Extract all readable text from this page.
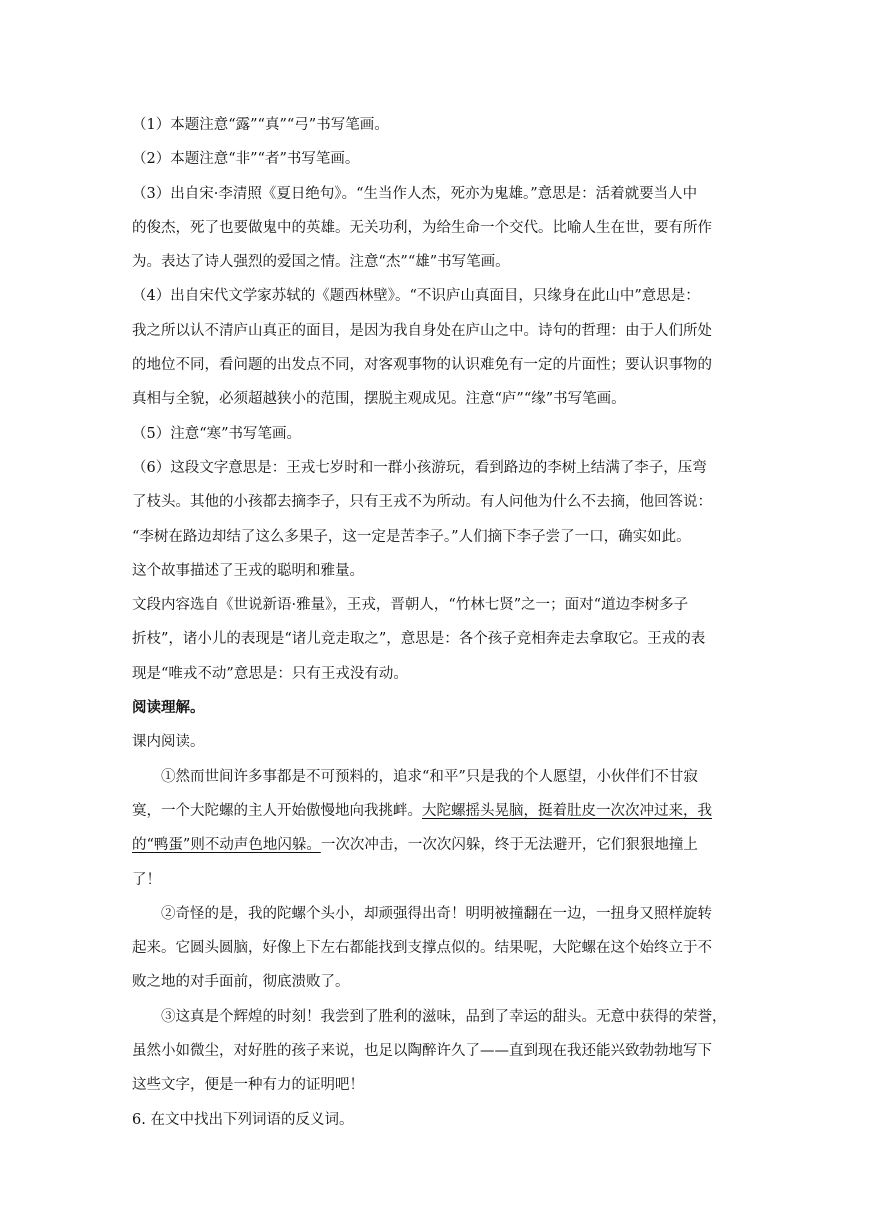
（1）本题注意“露”“真”“弓”书写笔画。

（2）本题注意“非”“者”书写笔画。

（3）出自宋·李清照《夏日绝句》。“生当作人杰，死亦为鬼雄。”意思是：活着就要当人中

的俊杰，死了也要做鬼中的英雄。无关功利，为给生命一个交代。比喻人生在世，要有所作

为。表达了诗人强烈的爱国之情。注意“杰”“雄”书写笔画。

（4）出自宋代文学家苏轼的《题西林壁》。“不识庐山真面目，只缘身在此山中”意思是：

我之所以认不清庐山真正的面目，是因为我自身处在庐山之中。诗句的哲理：由于人们所处

的地位不同，看问题的出发点不同，对客观事物的认识难免有一定的片面性；要认识事物的

真相与全貌，必须超越狭小的范围，摆脱主观成见。注意“庐”“缘”书写笔画。

（5）注意“寒”书写笔画。

（6）这段文字意思是：王戎七岁时和一群小孩游玩，看到路边的李树上结满了李子，压弯

了枝头。其他的小孩都去摘李子，只有王戎不为所动。有人问他为什么不去摘，他回答说：

“李树在路边却结了这么多果子，这一定是苦李子。”人们摘下李子尝了一口，确实如此。

这个故事描述了王戎的聪明和雅量。

文段内容选自《世说新语·雅量》，王戎，晋朝人，“竹林七贤”之一；面对“道边李树多子

折枝”，诸小儿的表现是“诸儿竞走取之”，意思是：各个孩子竞相奔走去拿取它。王戎的表

现是“唯戎不动”意思是：只有王戎没有动。

阅读理解。

课内阅读。

①然而世间许多事都是不可预料的，追求“和平”只是我的个人愿望，小伙伴们不甘寂

寞，一个大陀螺的主人开始傲慢地向我挑衅。大陀螺摇头晃脑，挺着肚皮一次次冲过来，我

的“鸭蛋”则不动声色地闪躲。一次次冲击，一次次闪躲，终于无法避开，它们狠狠地撞上

了！

②奇怪的是，我的陀螺个头小，却顽强得出奇！明明被撞翻在一边，一扭身又照样旋转

起来。它圆头圆脑，好像上下左右都能找到支撑点似的。结果呢，大陀螺在这个始终立于不

败之地的对手面前，彻底溃败了。

③这真是个辉煌的时刻！我尝到了胜利的滋味，品到了幸运的甜头。无意中获得的荣誉，

虽然小如微尘，对好胜的孩子来说，也足以陶醉许久了——直到现在我还能兴致勃勃地写下

这些文字，便是一种有力的证明吧！

6. 在文中找出下列词语的反义词。
